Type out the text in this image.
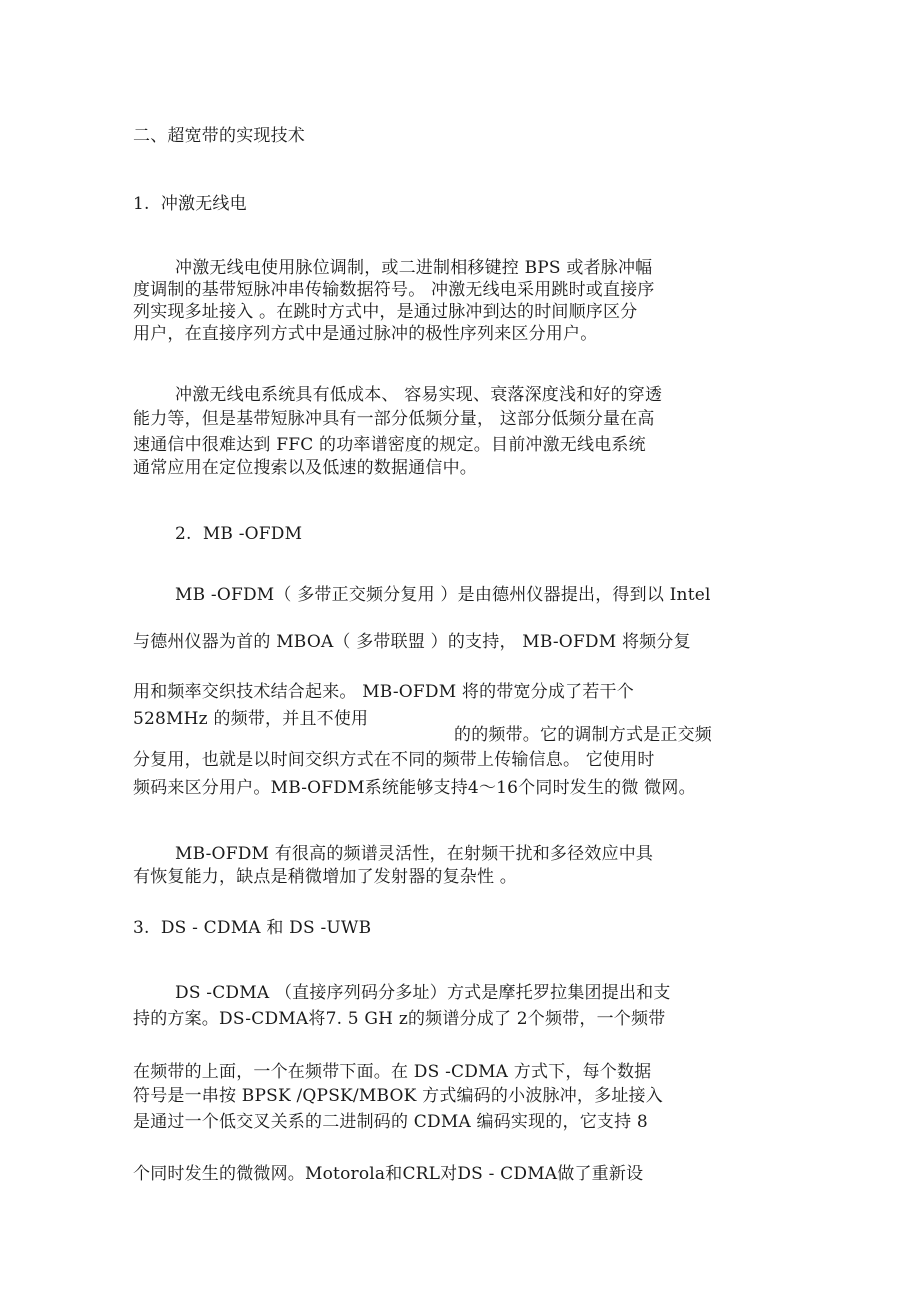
二、超宽带的实现技术
1.  冲激无线电
冲激无线电使用脉位调制，或二进制相移键控 BPS 或者脉冲幅
度调制的基带短脉冲串传输数据符号。 冲激无线电采用跳时或直接序
列实现多址接入 。在跳时方式中，是通过脉冲到达的时间顺序区分
用户，在直接序列方式中是通过脉冲的极性序列来区分用户。
冲激无线电系统具有低成本、 容易实现、衰落深度浅和好的穿透
能力等，但是基带短脉冲具有一部分低频分量， 这部分低频分量在高
速通信中很难达到 FFC 的功率谱密度的规定。目前冲激无线电系统
通常应用在定位搜索以及低速的数据通信中。
2.  MB -OFDM
MB -OFDM（ 多带正交频分复用 ）是由德州仪器提出，得到以 Intel
与德州仪器为首的 MBOA（ 多带联盟 ）的支持， MB-OFDM 将频分复
用和频率交织技术结合起来。 MB-OFDM 将的带宽分成了若干个
528MHz 的频带，并且不使用
的的频带。它的调制方式是正交频
分复用，也就是以时间交织方式在不同的频带上传输信息。 它使用时
频码来区分用户。MB-OFDM系统能够支持4～16个同时发生的微 微网。
MB-OFDM 有很高的频谱灵活性，在射频干扰和多径效应中具
有恢复能力，缺点是稍微增加了发射器的复杂性 。
3.  DS - CDMA 和 DS -UWB
DS -CDMA （直接序列码分多址）方式是摩托罗拉集团提出和支
持的方案。DS-CDMA将7. 5 GH z的频谱分成了 2个频带，一个频带
在频带的上面，一个在频带下面。在 DS -CDMA 方式下，每个数据
符号是一串按 BPSK /QPSK/MBOK 方式编码的小波脉冲，多址接入
是通过一个低交叉关系的二进制码的 CDMA 编码实现的，它支持 8
个同时发生的微微网。Motorola和CRL对DS - CDMA做了重新设
